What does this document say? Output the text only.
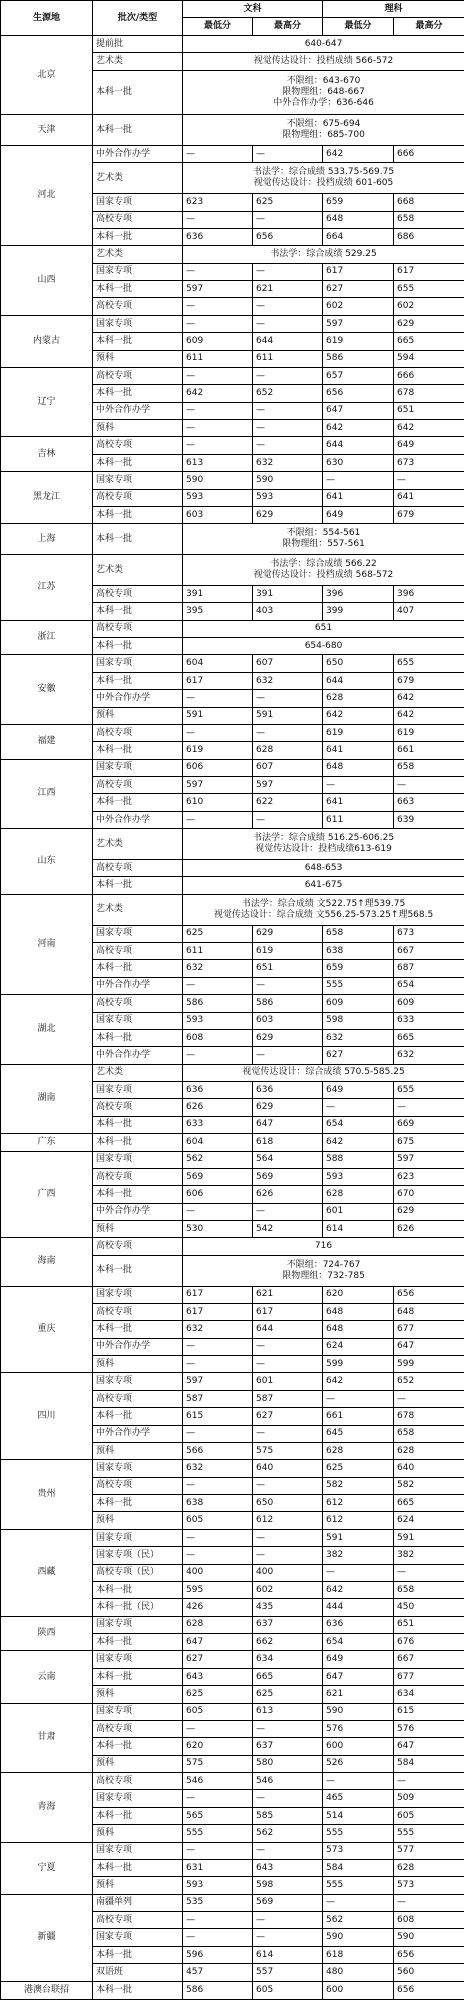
生源地	批次/类型	文科		理科	
		最低分	最高分	最低分	最高分
北京	提前批	640-647			

	艺术类	视觉传达设计：投档成绩 566-572			

	本科一批	不限组：643-670
限物理组：648-667
中外合作办学：636-646			

天津	本科一批	不限组：675-694
限物理组：685-700			

河北	中外合作办学	—	—	642	666
	艺术类	书法学：综合成绩 533.75-569.75
视觉传达设计：投档成绩 601-605			

	国家专项	623	625	659	668
	高校专项	—	—	648	658
	本科一批	636	656	664	686
山西	艺术类	书法学：综合成绩 529.25			

	国家专项	—	—	617	617
	本科一批	597	621	627	655
	高校专项	—	—	602	602
内蒙古	国家专项	—	—	597	629
	本科一批	609	644	619	665
	预科	611	611	586	594
辽宁	高校专项	—	—	657	666
	本科一批	642	652	656	678
	中外合作办学	—	—	647	651
	预科	—	—	642	642
吉林	高校专项	—	—	644	649
	本科一批	613	632	630	673
黑龙江	国家专项	590	590	—	—
	高校专项	593	593	641	641
	本科一批	603	629	649	679
上海	本科一批	不限组：554-561
限物理组：557-561			

江苏	艺术类	书法学：综合成绩 566.22
视觉传达设计：投档成绩 568-572			

	高校专项	391	391	396	396
	本科一批	395	403	399	407
浙江	高校专项	651			

	本科一批	654-680			

安徽	国家专项	604	607	650	655
	本科一批	617	632	644	679
	中外合作办学	—	—	628	642
	预科	591	591	642	642
福建	高校专项	—	—	619	619
	本科一批	619	628	641	661
江西	国家专项	606	607	648	658
	高校专项	597	597	—	—
	本科一批	610	622	641	663
	中外合作办学	—	—	611	639
山东	艺术类	书法学：综合成绩 516.25-606.25
视觉传达设计：投档成绩613-619			

	高校专项	648-653			

	本科一批	641-675			

河南	艺术类	书法学：综合成绩 文522.75↑理539.75
视觉传达设计：综合成绩 文556.25-573.25↑理568.5			

	国家专项	625	629	658	673
	高校专项	611	619	638	667
	本科一批	632	651	659	687
	中外合作办学	—	—	555	654
湖北	高校专项	586	586	609	609
	国家专项	593	603	598	633
	本科一批	608	629	632	665
	中外合作办学	—	—	627	632
湖南	艺术类	视觉传达设计：综合成绩 570.5-585.25			

	国家专项	636	636	649	655
	高校专项	626	629	—	—
	本科一批	633	647	654	669
广东	本科一批	604	618	642	675
广西	国家专项	562	564	588	597
	高校专项	569	569	593	623
	本科一批	606	626	628	670
	中外合作办学	—	—	601	629
	预科	530	542	614	626
海南	高校专项	716			

	本科一批	不限组：724-767
限物理组：732-785			

重庆	国家专项	617	621	620	656
	高校专项	617	617	648	648
	本科一批	632	644	648	677
	中外合作办学	—	—	624	647
	预科	—	—	599	599
四川	国家专项	597	601	642	652
	高校专项	587	587	—	—
	本科一批	615	627	661	678
	中外合作办学	—	—	645	658
	预科	566	575	628	628
贵州	国家专项	632	640	625	640
	高校专项	—	—	582	582
	本科一批	638	650	612	665
	预科	605	612	612	624
西藏	国家专项	—	—	591	591
	国家专项（民）	—	—	382	382
	高校专项（民）	400	400	—	—
	本科一批	595	602	642	658
	本科一批（民）	426	435	444	450
陕西	国家专项	628	637	636	651
	本科一批	647	662	654	676
云南	国家专项	627	634	649	667
	本科一批	643	665	647	677
	预科	625	625	621	634
甘肃	国家专项	605	613	590	615
	高校专项	—	—	576	576
	本科一批	620	637	600	647
	预科	575	580	526	584
青海	高校专项	546	546	—	—
	国家专项	—	—	465	509
	本科一批	565	585	514	605
	预科	555	562	555	555
宁夏	国家专项	—	—	573	577
	本科一批	631	643	584	628
	预科	593	598	555	573
新疆	南疆单列	535	569	—	—
	高校专项	—	—	562	608
	国家专项	—	—	590	590
	本科一批	596	614	618	656
	双语班	457	557	480	560
港澳台联招	本科一批	586	605	600	656
